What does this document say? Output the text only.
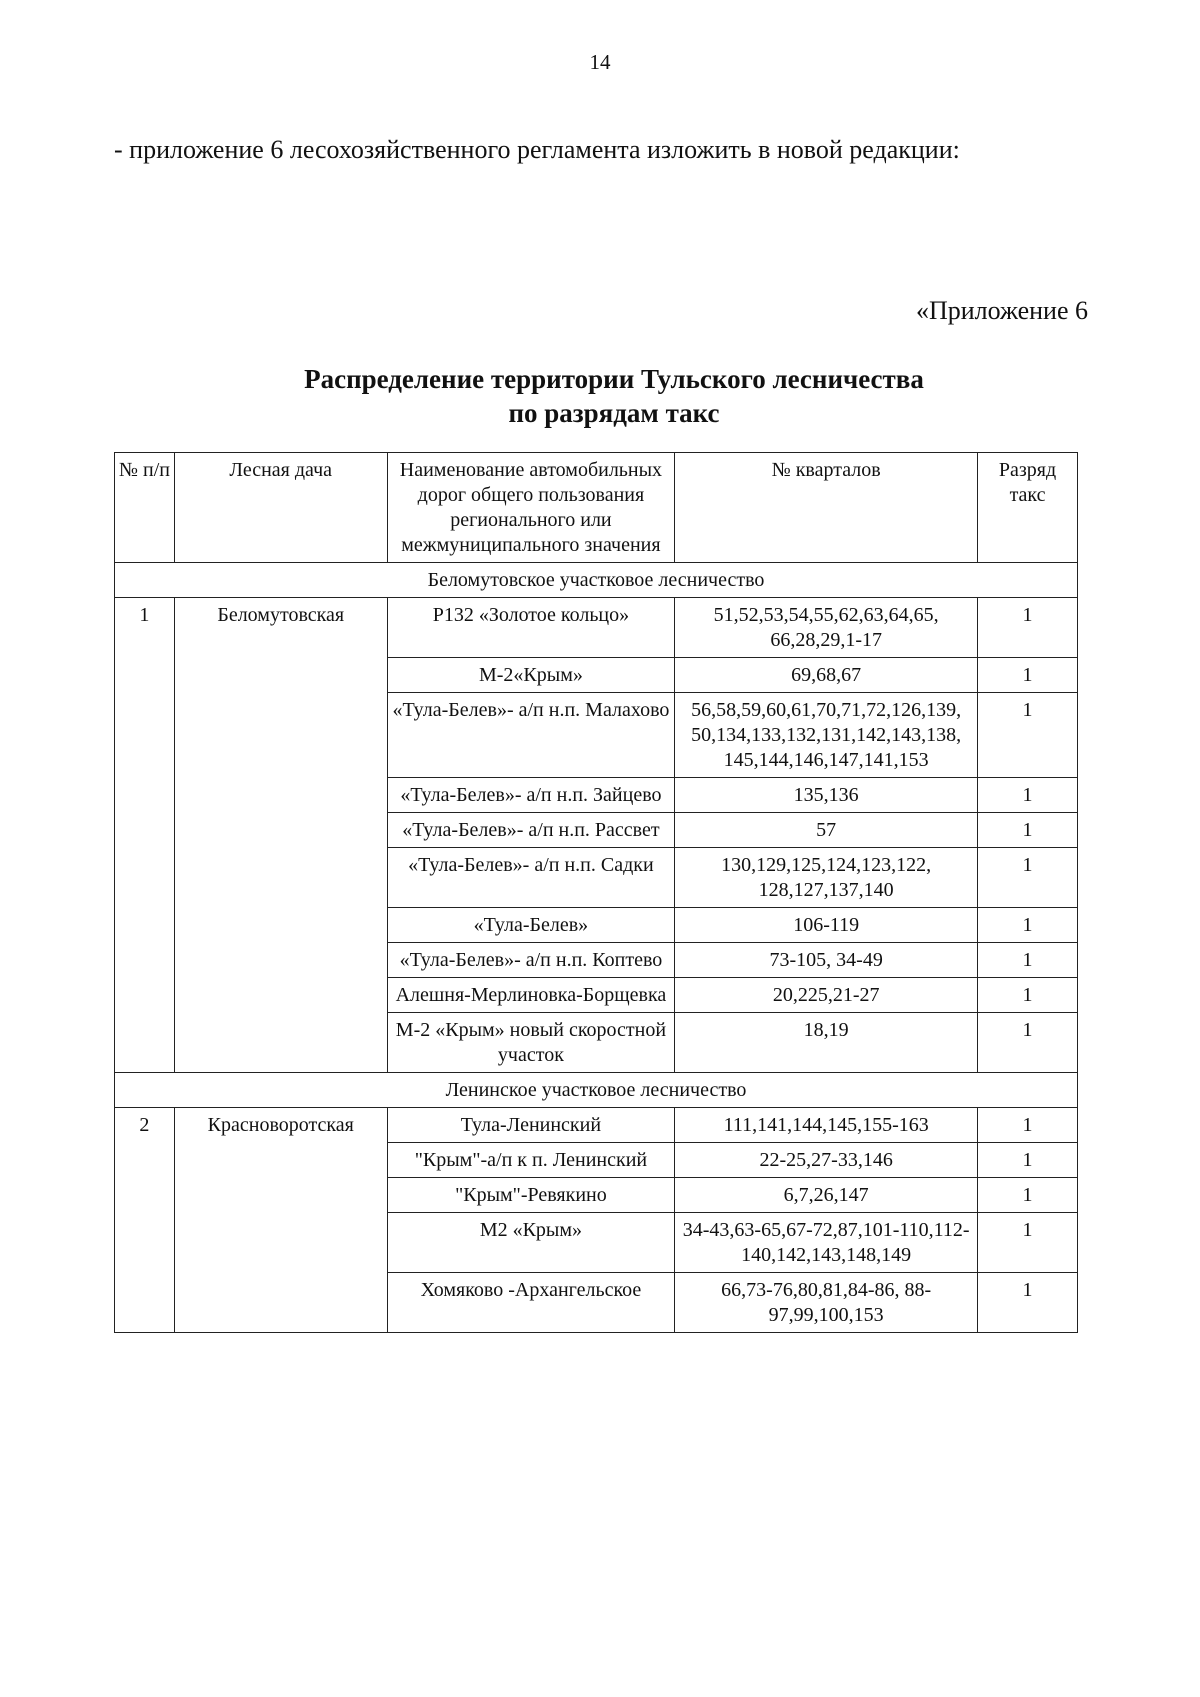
14
- приложение 6 лесохозяйственного регламента изложить в новой редакции:
«Приложение 6
Распределение территории Тульского лесничества
по разрядам такс
№ п/п	Лесная дача	Наименование автомобильных дорог общего пользования регионального или межмуниципального значения	№ кварталов	Разряд такс
Беломутовское участковое лесничество				
1	Беломутовская	Р132 «Золотое кольцо»	51,52,53,54,55,62,63,64,65, 66,28,29,1-17	1
		М-2«Крым»	69,68,67	1
		«Тула-Белев»- а/п н.п. Малахово	56,58,59,60,61,70,71,72,126,139, 50,134,133,132,131,142,143,138, 145,144,146,147,141,153	1
		«Тула-Белев»- а/п н.п. Зайцево	135,136	1
		«Тула-Белев»- а/п н.п. Рассвет	57	1
		«Тула-Белев»- а/п н.п. Садки	130,129,125,124,123,122, 128,127,137,140	1
		«Тула-Белев»	106-119	1
		«Тула-Белев»- а/п н.п. Коптево	73-105, 34-49	1
		Алешня-Мерлиновка-Борщевка	20,225,21-27	1
		М-2 «Крым» новый скоростной участок	18,19	1
Ленинское участковое лесничество				
2	Красноворотская	Тула-Ленинский	111,141,144,145,155-163	1
		"Крым"-а/п к п. Ленинский	22-25,27-33,146	1
		"Крым"-Ревякино	6,7,26,147	1
		М2 «Крым»	34-43,63-65,67-72,87,101-110,112-140,142,143,148,149	1
		Хомяково -Архангельское	66,73-76,80,81,84-86, 88-97,99,100,153	1
